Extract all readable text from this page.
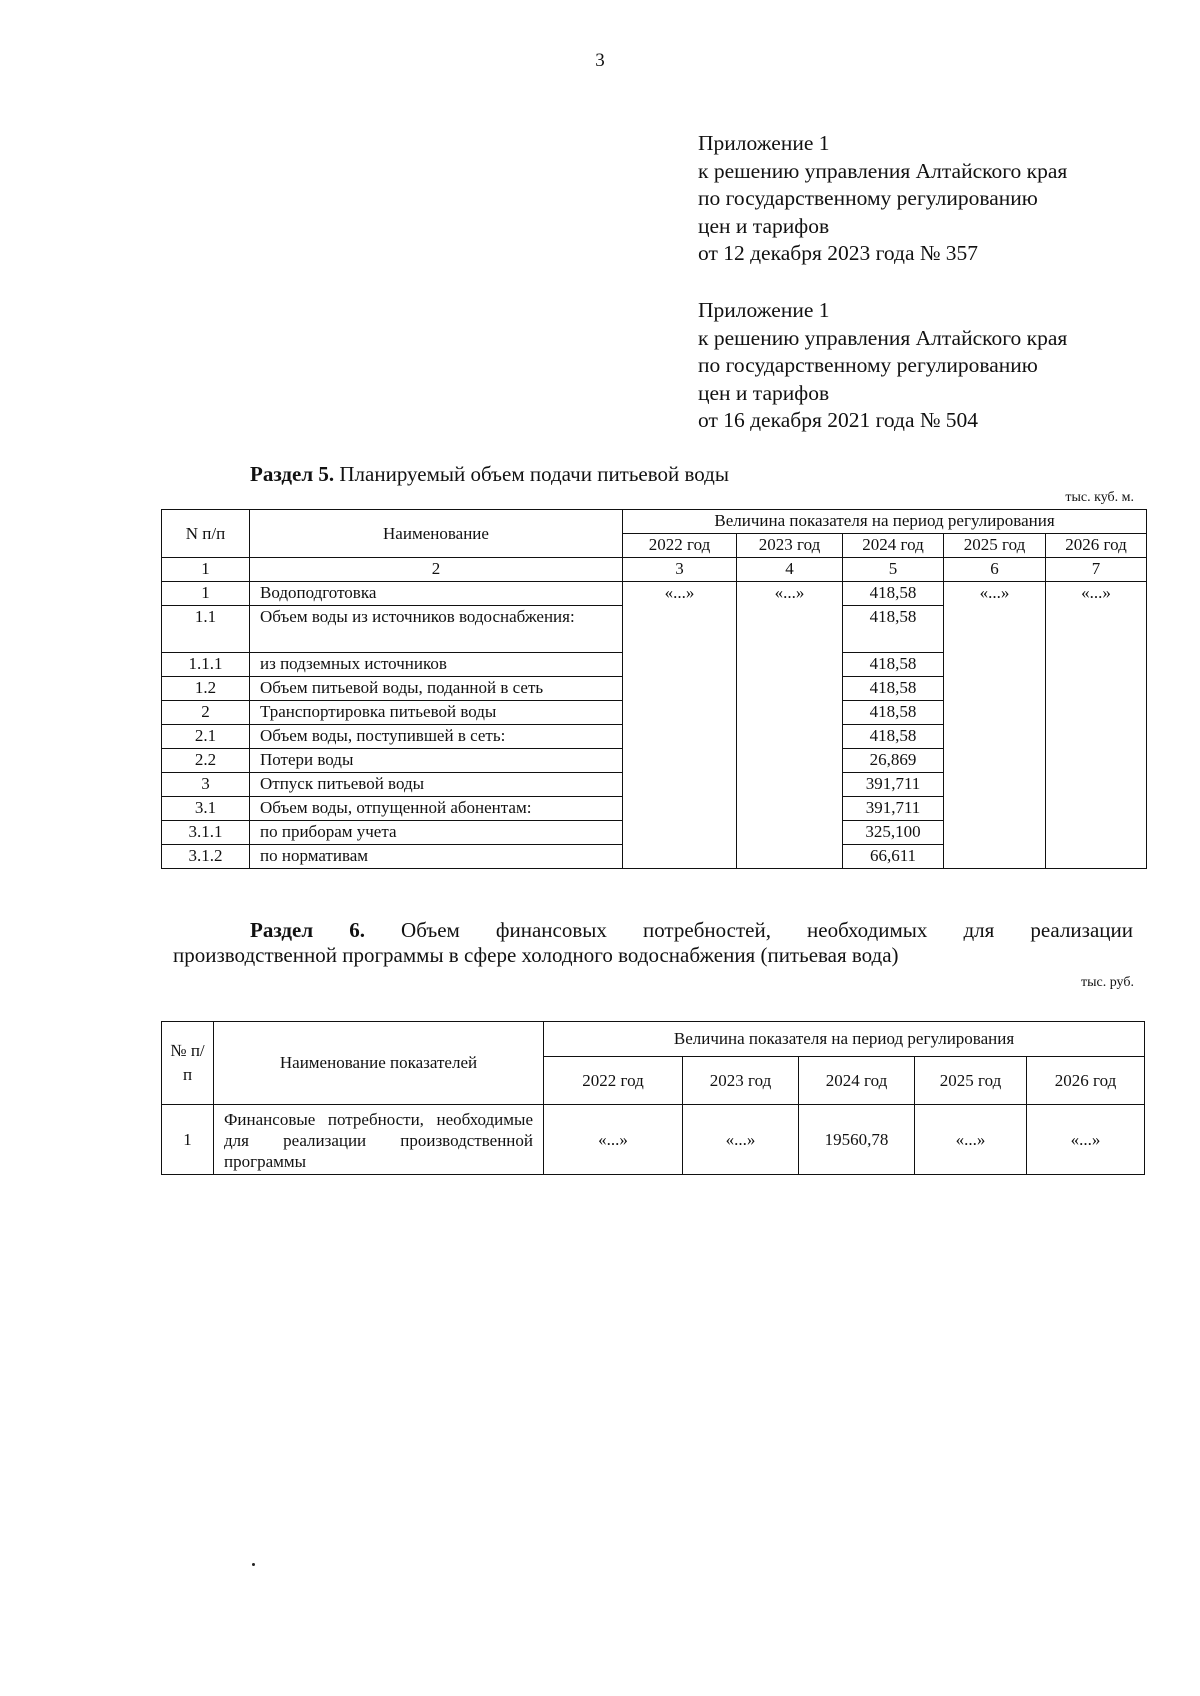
3
Приложение 1
к решению управления Алтайского края
по государственному регулированию
цен и тарифов
от 12 декабря 2023 года № 357
Приложение 1
к решению управления Алтайского края
по государственному регулированию
цен и тарифов
от 16 декабря 2021 года № 504
Раздел 5. Планируемый объем подачи питьевой воды
тыс. куб. м.
N п/п	Наименование	Величина показателя на период регулирования				
		2022 год	2023 год	2024 год	2025 год	2026 год
1	2	3	4	5	6	7
1	Водоподготовка	«...»	«...»	418,58	«...»	«...»
1.1	Объем воды из источников водоснабжения:			418,58		

1.1.1	из подземных источников			418,58		
1.2	Объем питьевой воды, поданной в сеть			418,58		
2	Транспортировка питьевой воды			418,58		
2.1	Объем воды, поступившей в сеть:			418,58		
2.2	Потери воды			26,869		
3	Отпуск питьевой воды			391,711		
3.1	Объем воды, отпущенной абонентам:			391,711		
3.1.1	по приборам учета			325,100		
3.1.2	по нормативам			66,611		
Раздел 6. Объем финансовых потребностей, необходимых для реализации
производственной программы в сфере холодного водоснабжения (питьевая вода)
тыс. руб.
№ п/п	Наименование показателей	Величина показателя на период регулирования				
		2022 год	2023 год	2024 год	2025 год	2026 год
1	Финансовые потребности, необходимые для реализации производственной программы	«...»	«...»	19560,78	«...»	«...»
